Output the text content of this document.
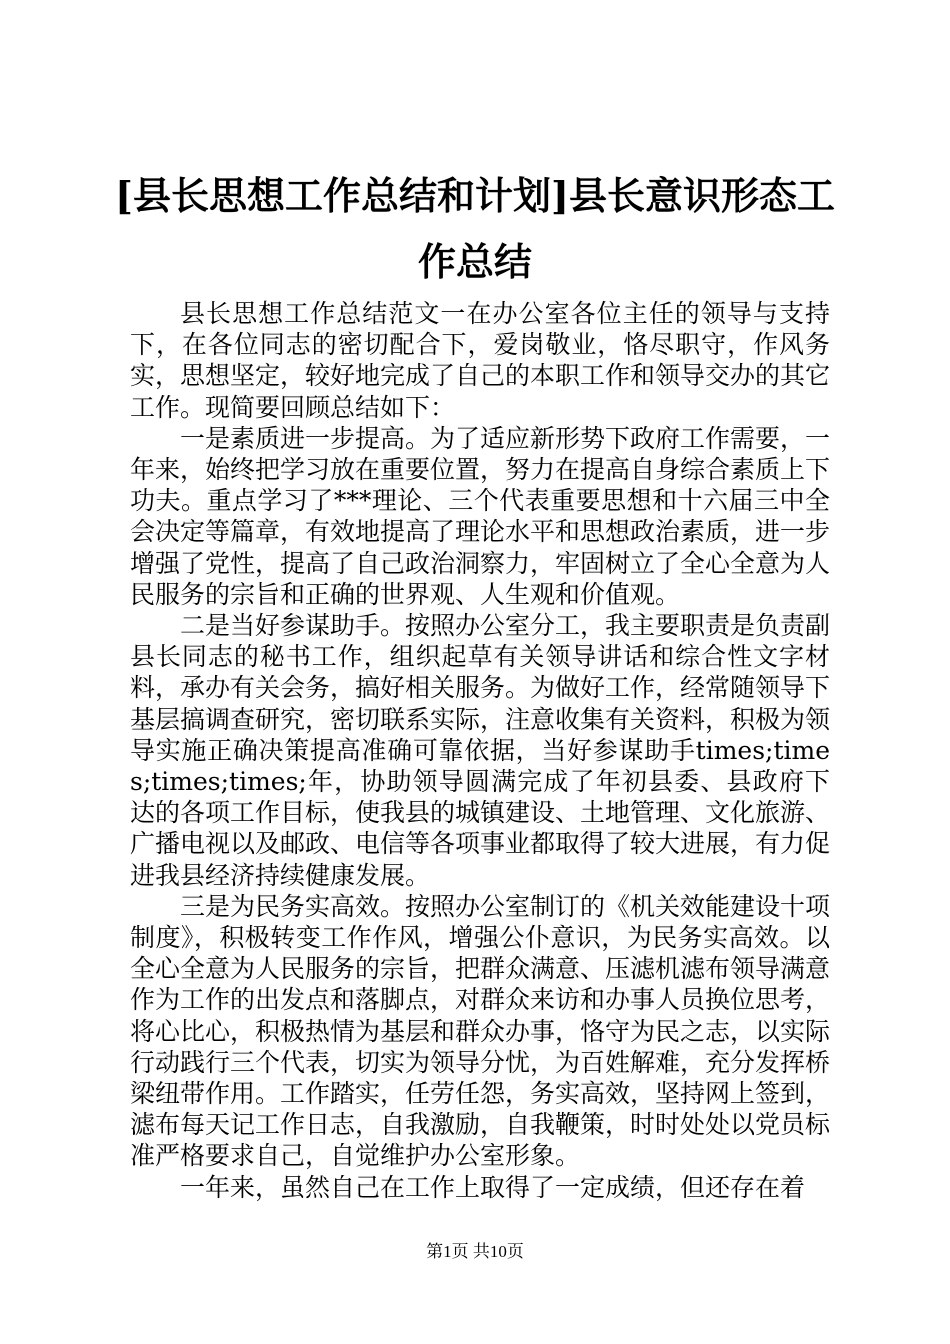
[县长思想工作总结和计划]县长意识形态工作总结

县长思想工作总结范文一在办公室各位主任的领导与支持下，在各位同志的密切配合下，爱岗敬业，恪尽职守，作风务实，思想坚定，较好地完成了自己的本职工作和领导交办的其它工作。现简要回顾总结如下：

一是素质进一步提高。为了适应新形势下政府工作需要，一年来，始终把学习放在重要位置，努力在提高自身综合素质上下功夫。重点学习了***理论、三个代表重要思想和十六届三中全会决定等篇章，有效地提高了理论水平和思想政治素质，进一步增强了党性，提高了自己政治洞察力，牢固树立了全心全意为人民服务的宗旨和正确的世界观、人生观和价值观。

二是当好参谋助手。按照办公室分工，我主要职责是负责副县长同志的秘书工作，组织起草有关领导讲话和综合性文字材料，承办有关会务，搞好相关服务。为做好工作，经常随领导下基层搞调查研究，密切联系实际，注意收集有关资料，积极为领导实施正确决策提高准确可靠依据，当好参谋助手times;times;times;times;年，协助领导圆满完成了年初县委、县政府下达的各项工作目标，使我县的城镇建设、土地管理、文化旅游、广播电视以及邮政、电信等各项事业都取得了较大进展，有力促进我县经济持续健康发展。

三是为民务实高效。按照办公室制订的《机关效能建设十项制度》，积极转变工作作风，增强公仆意识，为民务实高效。以全心全意为人民服务的宗旨，把群众满意、压滤机滤布领导满意作为工作的出发点和落脚点，对群众来访和办事人员换位思考，将心比心，积极热情为基层和群众办事，恪守为民之志，以实际行动践行三个代表，切实为领导分忧，为百姓解难，充分发挥桥梁纽带作用。工作踏实，任劳任怨，务实高效，坚持网上签到，滤布每天记工作日志，自我激励，自我鞭策，时时处处以党员标准严格要求自己，自觉维护办公室形象。

一年来，虽然自己在工作上取得了一定成绩，但还存在着

第1页 共10页
